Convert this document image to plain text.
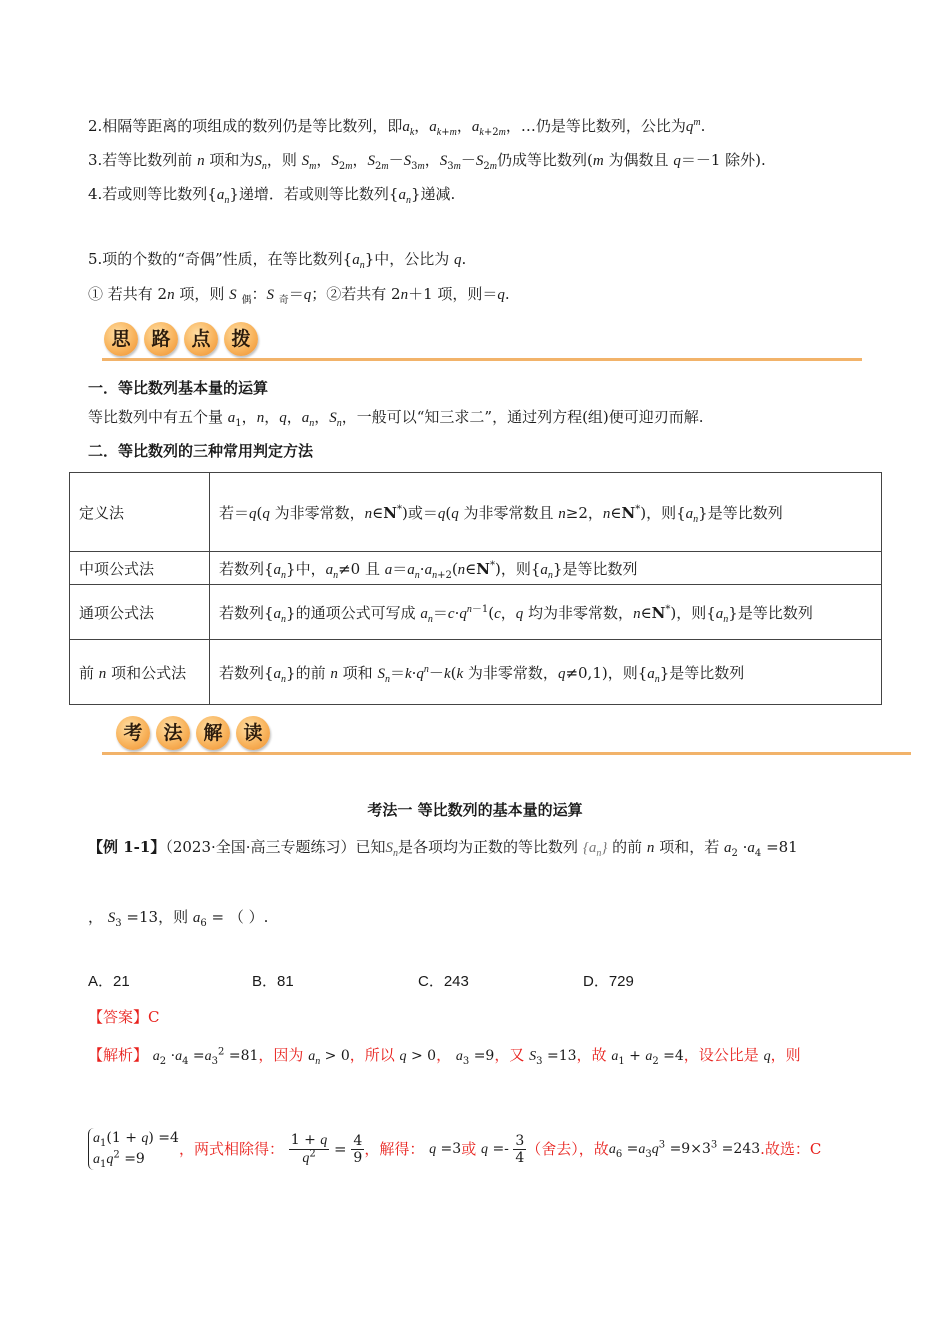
2.相隔等距离的项组成的数列仍是等比数列，即$a_k$，$a_{k+m}$，$a_{k+2m}$，…仍是等比数列，公比为$q^m$.
3.若等比数列前 n 项和为$S_n$，则 $S_m$，$S_{2m}$，$S_{2m}-S_{3m}$，$S_{3m}-S_{2m}$仍成等比数列(m 为偶数且 q＝－1 除外).
4.若或则等比数列$\{a_n\}$递增．若或则等比数列$\{a_n\}$递减.
5.项的个数的“奇偶”性质，在等比数列$\{a_n\}$中，公比为 q.
① 若共有 2n 项，则 S $_偶$：S $_奇$＝q；②若共有 2n＋1 项，则＝q.
思	路	点	拨
一．等比数列基本量的运算
等比数列中有五个量 $a_1$，n，q，$a_n$，$S_n$，一般可以“知三求二”，通过列方程(组)便可迎刃而解.
二．等比数列的三种常用判定方法
定义法	若＝q(q 为非零常数，n∈N*)或＝q(q 为非零常数且 n≥2，n∈N*)，则$\{a_n\}$是等比数列
中项公式法	若数列$\{a_n\}$中，$a_n\ne 0$ 且 $a=a_n\cdot a_{n+2}(n\in N^*)$，则$\{a_n\}$是等比数列
通项公式法	若数列$\{a_n\}$的通项公式可写成 $a_n=c\cdot q^{n-1}(c$，q 均为非零常数，n∈N*)，则$\{a_n\}$是等比数列
前 n 项和公式法	若数列$\{a_n\}$的前 n 项和 $S_n=k\cdot q^n-k(k$ 为非零常数，q≠0,1)，则$\{a_n\}$是等比数列
考	法	解	读
考法一 等比数列的基本量的运算
【例 1-1】（2023·全国·高三专题练习）已知$S_n$是各项均为正数的等比数列 $\{a_n\}$ 的前 n 项和，若 $a_2 \cdot a_4 =81$
， $S_3 =13$，则 $a_6$ = （ ）.
A．21	B．81	C．243	D．729
【答案】C
【解析】 $a_2 \cdot a_4 =a_3^2 =81$，因为 $a_n > 0$，所以 q > 0， $a_3 =9$，又 $S_3 =13$，故 $a_1 + a_2 =4$，设公比是 q，则
$a_1(1 + q) =4$
$a_1q^2 =9$，两式相除得： $\frac{1 + q}{q^2} = \frac{4}{9}$ ，解得： q =3或 $q =- \frac{3}{4}$ （舍去），故$a_6 =a_3q^3 =9\times 3^3 =243$.故选：C
